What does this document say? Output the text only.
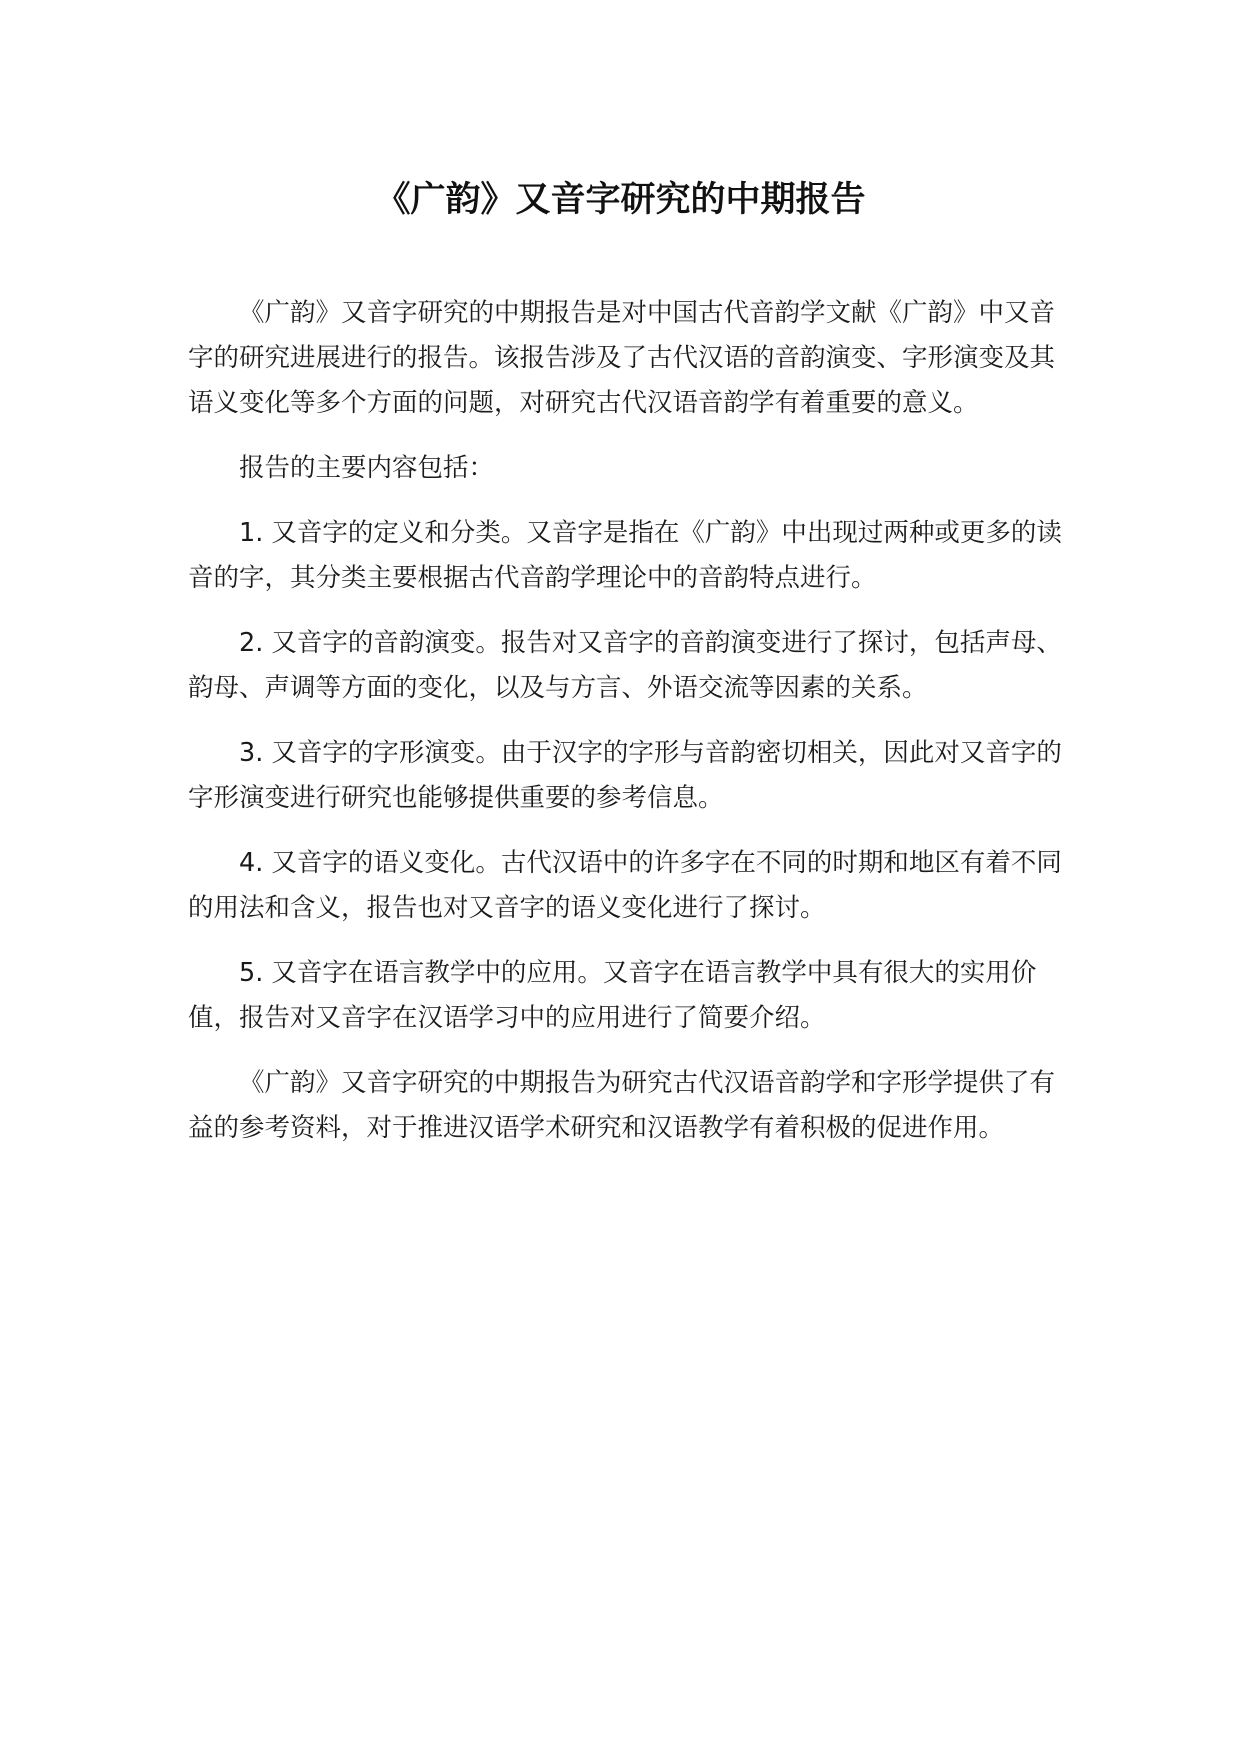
《广韵》又音字研究的中期报告

《广韵》又音字研究的中期报告是对中国古代音韵学文献《广韵》中又音字的研究进展进行的报告。该报告涉及了古代汉语的音韵演变、字形演变及其语义变化等多个方面的问题，对研究古代汉语音韵学有着重要的意义。

报告的主要内容包括：

1. 又音字的定义和分类。又音字是指在《广韵》中出现过两种或更多的读音的字，其分类主要根据古代音韵学理论中的音韵特点进行。

2. 又音字的音韵演变。报告对又音字的音韵演变进行了探讨，包括声母、韵母、声调等方面的变化，以及与方言、外语交流等因素的关系。

3. 又音字的字形演变。由于汉字的字形与音韵密切相关，因此对又音字的字形演变进行研究也能够提供重要的参考信息。

4. 又音字的语义变化。古代汉语中的许多字在不同的时期和地区有着不同的用法和含义，报告也对又音字的语义变化进行了探讨。

5. 又音字在语言教学中的应用。又音字在语言教学中具有很大的实用价值，报告对又音字在汉语学习中的应用进行了简要介绍。

《广韵》又音字研究的中期报告为研究古代汉语音韵学和字形学提供了有益的参考资料，对于推进汉语学术研究和汉语教学有着积极的促进作用。
